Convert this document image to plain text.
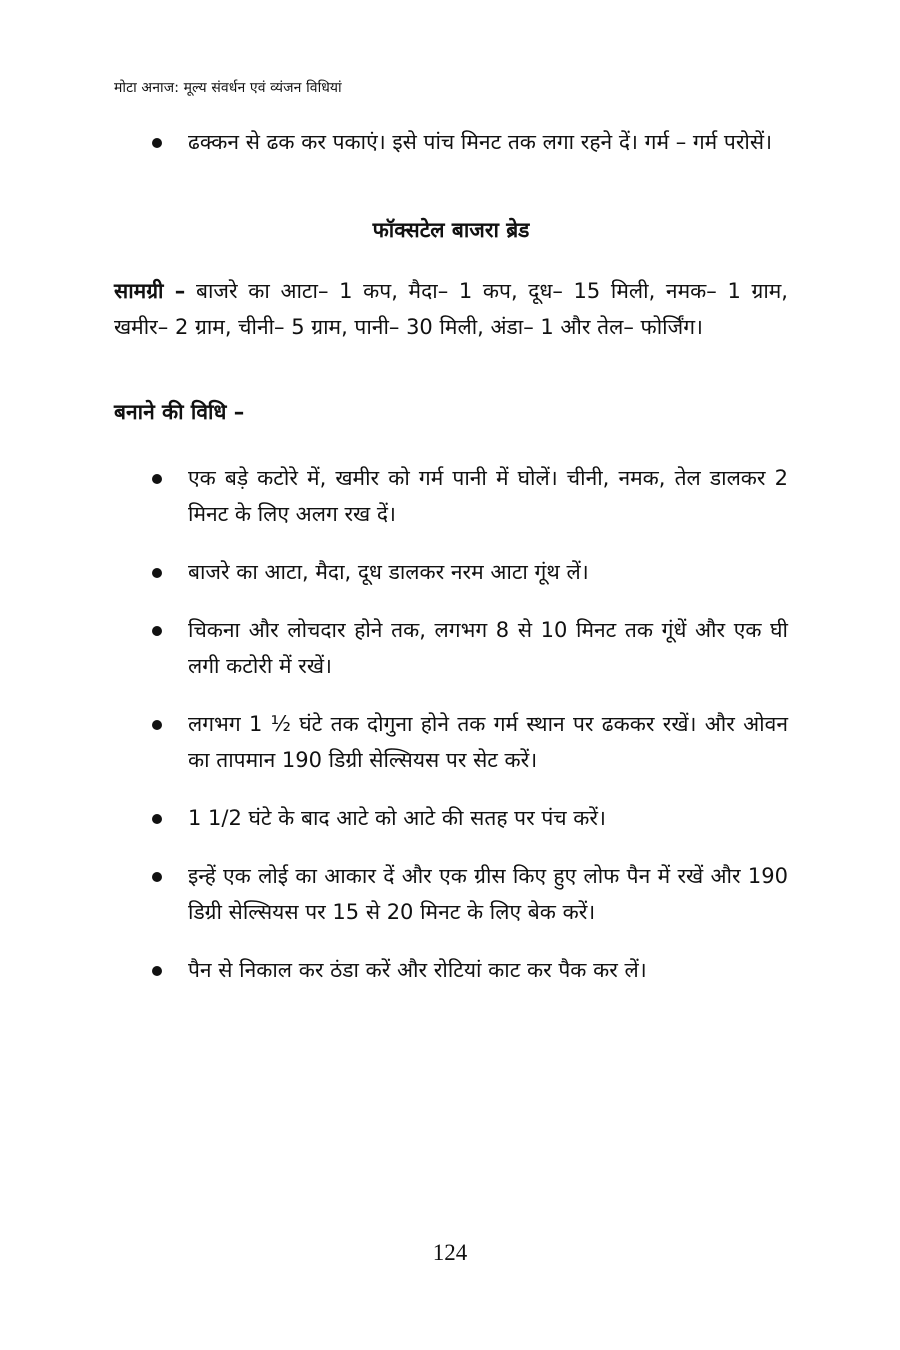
मोटा अनाज: मूल्य संवर्धन एवं व्यंजन विधियां
ढक्कन से ढक कर पकाएं। इसे पांच मिनट तक लगा रहने दें। गर्म – गर्म परोसें।
फॉक्सटेल बाजरा ब्रेड

सामग्री – बाजरे का आटा– 1 कप, मैदा– 1 कप, दूध– 15 मिली, नमक– 1 ग्राम, खमीर– 2 ग्राम, चीनी– 5 ग्राम, पानी– 30 मिली, अंडा– 1 और तेल– फोर्जिंग।

बनाने की विधि –

एक बड़े कटोरे में, खमीर को गर्म पानी में घोलें। चीनी, नमक, तेल डालकर 2 मिनट के लिए अलग रख दें।
बाजरे का आटा, मैदा, दूध डालकर नरम आटा गूंथ लें।
चिकना और लोचदार होने तक, लगभग 8 से 10 मिनट तक गूंधें और एक घी लगी कटोरी में रखें।
लगभग 1 ½ घंटे तक दोगुना होने तक गर्म स्थान पर ढककर रखें। और ओवन का तापमान 190 डिग्री सेल्सियस पर सेट करें।
1 1/2 घंटे के बाद आटे को आटे की सतह पर पंच करें।
इन्हें एक लोई का आकार दें और एक ग्रीस किए हुए लोफ पैन में रखें और 190 डिग्री सेल्सियस पर 15 से 20 मिनट के लिए बेक करें।
पैन से निकाल कर ठंडा करें और रोटियां काट कर पैक कर लें।
124
